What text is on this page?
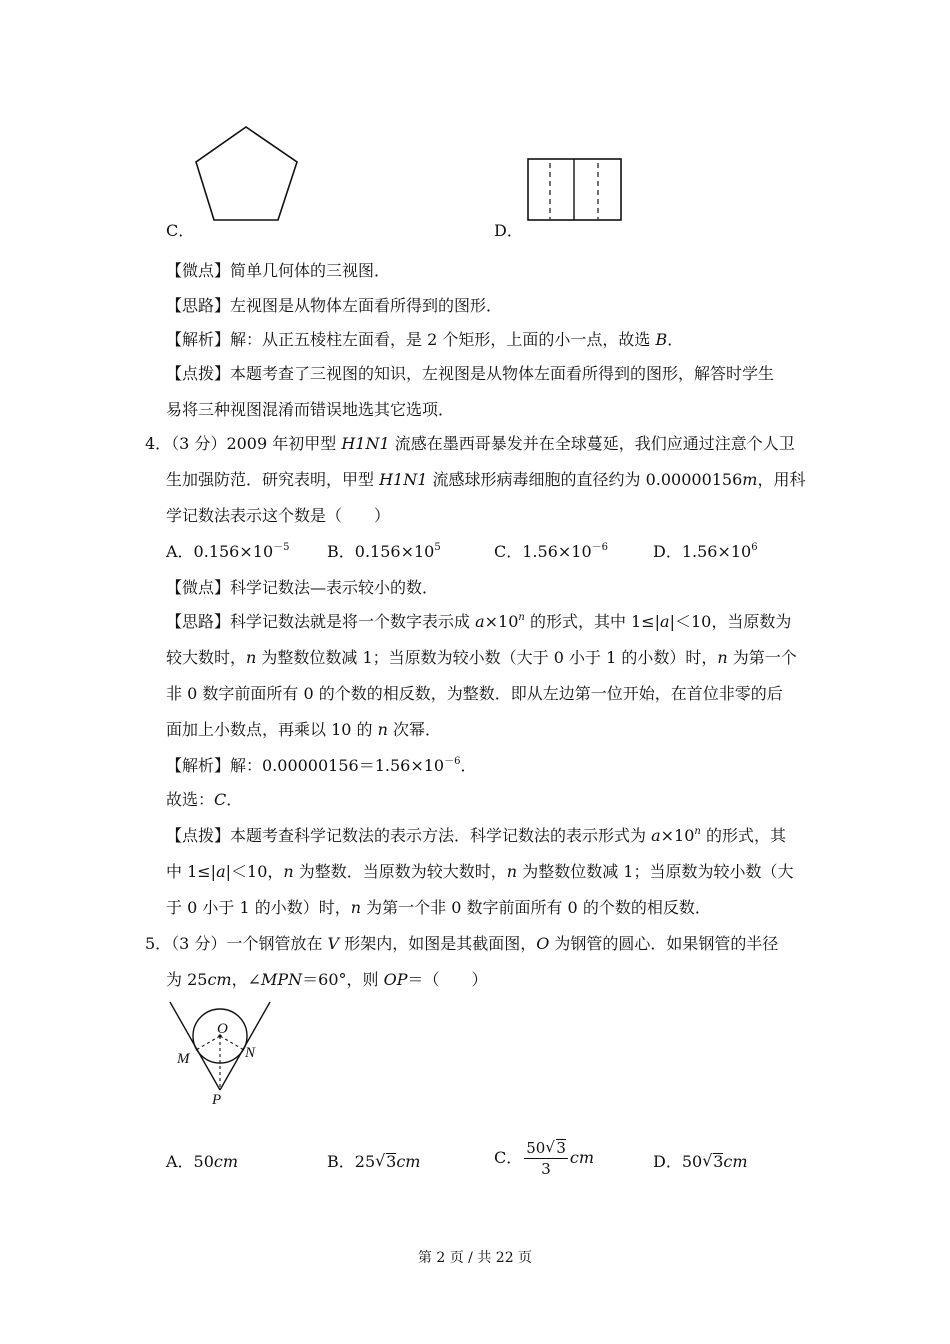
C．	D．
【微点】简单几何体的三视图．
【思路】左视图是从物体左面看所得到的图形．
【解析】解：从正五棱柱左面看，是 2 个矩形，上面的小一点，故选 B．
【点拨】本题考查了三视图的知识，左视图是从物体左面看所得到的图形，解答时学生
易将三种视图混淆而错误地选其它选项．
4．（3 分）2009 年初甲型 H1N1 流感在墨西哥暴发并在全球蔓延，我们应通过注意个人卫
生加强防范．研究表明，甲型 H1N1 流感球形病毒细胞的直径约为 0.00000156m，用科
学记数法表示这个数是（　　）
A．$0.156\times 10^{-5}$ B．$0.156\times 10^5$	C．$1.56\times 10^{-6}$	D．$1.56\times 10^6$
【微点】科学记数法—表示较小的数．
【思路】科学记数法就是将一个数字表示成 $a\times 10^n$ 的形式，其中 1≤|a|＜10，当原数为
较大数时，n 为整数位数减 1；当原数为较小数（大于 0 小于 1 的小数）时，n 为第一个
非 0 数字前面所有 0 的个数的相反数，为整数．即从左边第一位开始，在首位非零的后
面加上小数点，再乘以 10 的 n 次幂．
【解析】解：$0.00000156=1.56\times 10^{-6}$．
故选：C．
【点拨】本题考查科学记数法的表示方法．科学记数法的表示形式为 $a\times 10^n$ 的形式，其
中 1≤|a|＜10，n 为整数．当原数为较大数时，n 为整数位数减 1；当原数为较小数（大
于 0 小于 1 的小数）时，n 为第一个非 0 数字前面所有 0 的个数的相反数．
5．（3 分）一个钢管放在 V 形架内，如图是其截面图，O 为钢管的圆心．如果钢管的半径
为 25cm，∠MPN＝60°，则 OP＝（　　）
O
M	N
P
A．50cm	B．25 √ 3cm	C． $\frac{50 √ 3}{3}$ cm	D．50 √ 3cm
第 2 页 / 共 22 页
